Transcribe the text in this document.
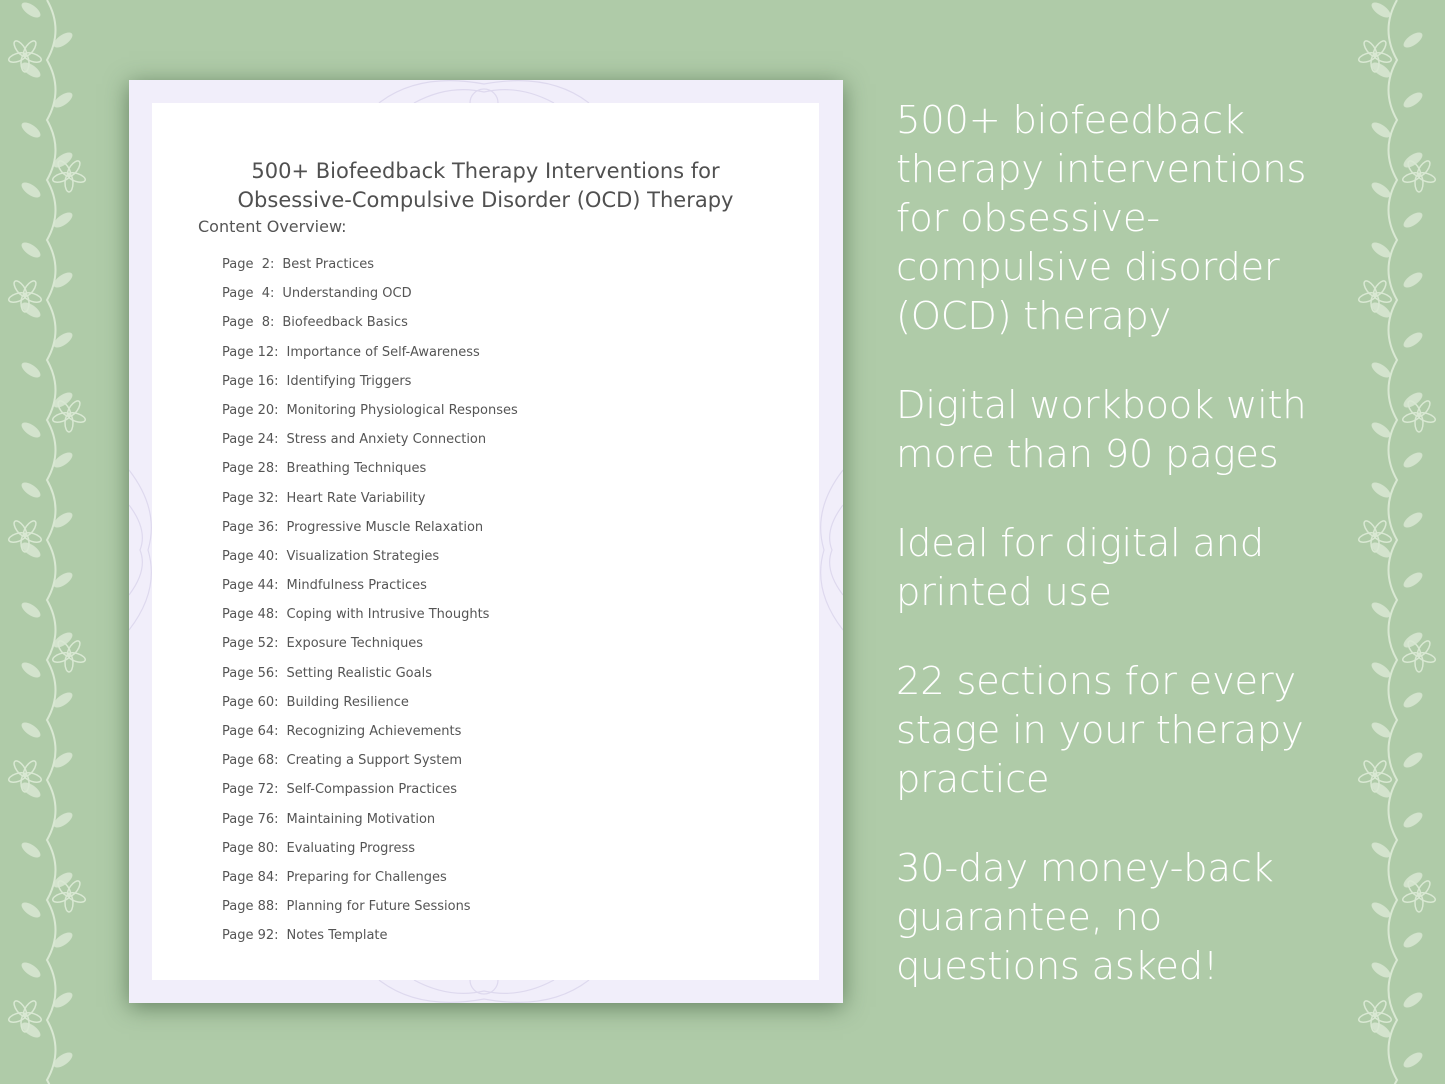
500+ Biofeedback Therapy Interventions for
Obsessive-Compulsive Disorder (OCD) Therapy
Content Overview:
Page  2: Best Practices
Page  4: Understanding OCD
Page  8: Biofeedback Basics
Page 12: Importance of Self-Awareness
Page 16: Identifying Triggers
Page 20: Monitoring Physiological Responses
Page 24: Stress and Anxiety Connection
Page 28: Breathing Techniques
Page 32: Heart Rate Variability
Page 36: Progressive Muscle Relaxation
Page 40: Visualization Strategies
Page 44: Mindfulness Practices
Page 48: Coping with Intrusive Thoughts
Page 52: Exposure Techniques
Page 56: Setting Realistic Goals
Page 60: Building Resilience
Page 64: Recognizing Achievements
Page 68: Creating a Support System
Page 72: Self-Compassion Practices
Page 76: Maintaining Motivation
Page 80: Evaluating Progress
Page 84: Preparing for Challenges
Page 88: Planning for Future Sessions
Page 92: Notes Template
500+ biofeedback
therapy interventions
for obsessive-
compulsive disorder
(OCD) therapy
Digital workbook with
more than 90 pages
Ideal for digital and
printed use
22 sections for every
stage in your therapy
practice
30-day money-back
guarantee, no
questions asked!
